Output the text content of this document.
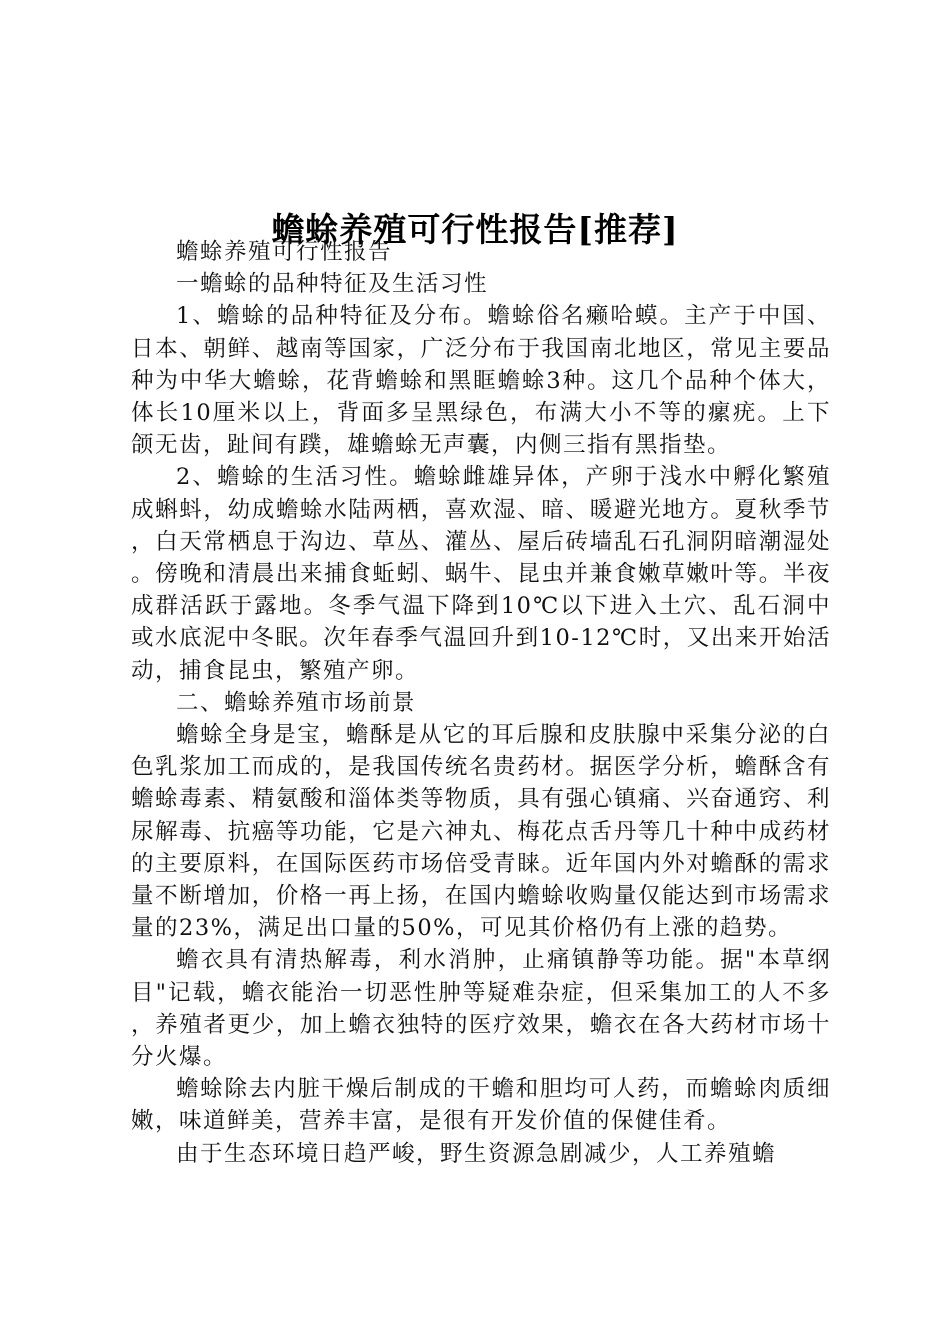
蟾蜍养殖可行性报告[推荐]

蟾蜍养殖可行性报告

一蟾蜍的品种特征及生活习性

1、蟾蜍的品种特征及分布。蟾蜍俗名癞哈蟆。主产于中国、日本、朝鲜、越南等国家，广泛分布于我国南北地区，常见主要品种为中华大蟾蜍，花背蟾蜍和黑眶蟾蜍3种。这几个品种个体大，体长10厘米以上，背面多呈黑绿色，布满大小不等的瘰疣。上下颌无齿，趾间有蹼，雄蟾蜍无声囊，内侧三指有黑指垫。

2、蟾蜍的生活习性。蟾蜍雌雄异体，产卵于浅水中孵化繁殖成蝌蚪，幼成蟾蜍水陆两栖，喜欢湿、暗、暖避光地方。夏秋季节，白天常栖息于沟边、草丛、灌丛、屋后砖墙乱石孔洞阴暗潮湿处。傍晚和清晨出来捕食蚯蚓、蜗牛、昆虫并兼食嫩草嫩叶等。半夜成群活跃于露地。冬季气温下降到10℃以下进入土穴、乱石洞中或水底泥中冬眠。次年春季气温回升到10-12℃时，又出来开始活动，捕食昆虫，繁殖产卵。

二、蟾蜍养殖市场前景

蟾蜍全身是宝，蟾酥是从它的耳后腺和皮肤腺中采集分泌的白色乳浆加工而成的，是我国传统名贵药材。据医学分析，蟾酥含有蟾蜍毒素、精氨酸和淄体类等物质，具有强心镇痛、兴奋通窍、利尿解毒、抗癌等功能，它是六神丸、梅花点舌丹等几十种中成药材的主要原料，在国际医药市场倍受青睐。近年国内外对蟾酥的需求量不断增加，价格一再上扬，在国内蟾蜍收购量仅能达到市场需求量的23%，满足出口量的50%，可见其价格仍有上涨的趋势。

蟾衣具有清热解毒，利水消肿，止痛镇静等功能。据"本草纲目"记载，蟾衣能治一切恶性肿等疑难杂症，但采集加工的人不多，养殖者更少，加上蟾衣独特的医疗效果，蟾衣在各大药材市场十分火爆。

蟾蜍除去内脏干燥后制成的干蟾和胆均可人药，而蟾蜍肉质细嫩，味道鲜美，营养丰富，是很有开发价值的保健佳肴。

由于生态环境日趋严峻，野生资源急剧减少，人工养殖蟾
